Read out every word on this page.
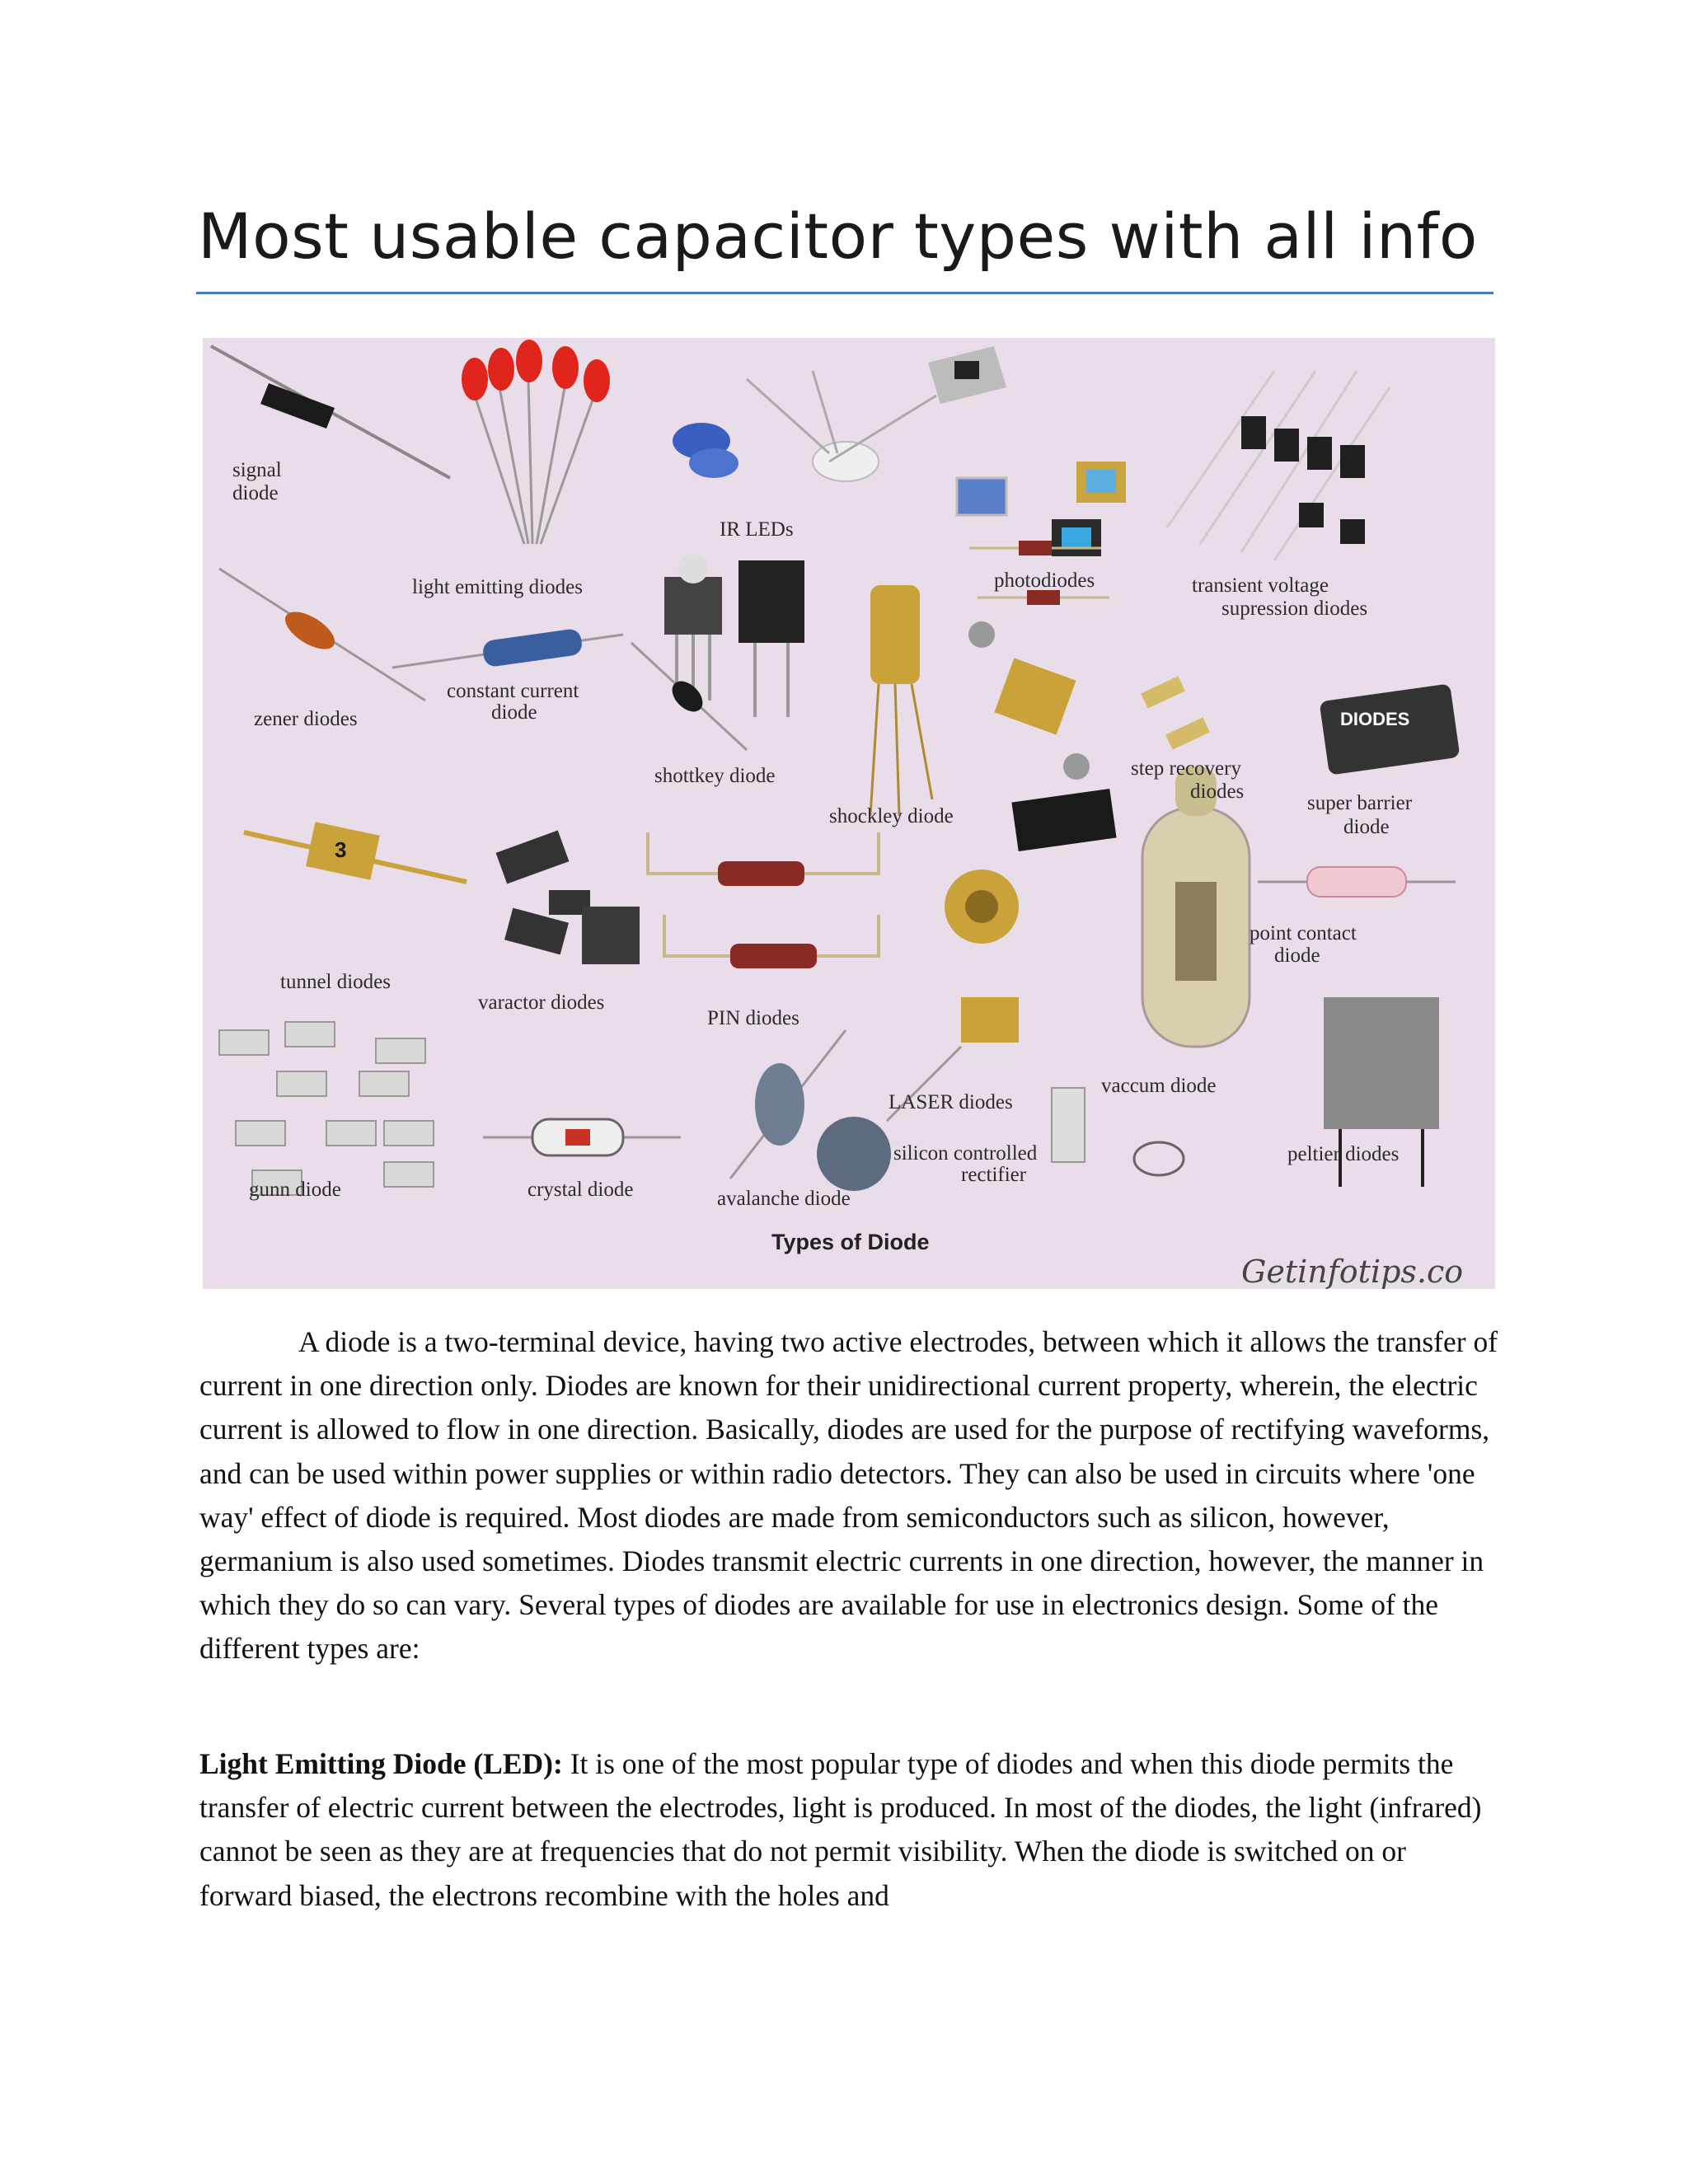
Most usable capacitor types with all info
DIODES
3
signal
diode
light emitting diodes
IR LEDs
photodiodes	transient voltage
supression diodes
zener diodes
constant current
diode
shottkey diode
shockley diode
step recovery
diodes
super barrier
diode
tunnel diodes
varactor diodes
PIN diodes
point contact
diode
LASER diodes
vaccum diode
silicon controlled
rectifier
peltier diodes
gunn diode	crystal diode	avalanche diode
Types of Diode
Getinfotips.co

A diode is a two-terminal device, having two active electrodes, between which it allows the transfer of current in one direction only. Diodes are known for their unidirectional current property, wherein, the electric current is allowed to flow in one direction. Basically, diodes are used for the purpose of rectifying waveforms, and can be used within power supplies or within radio detectors. They can also be used in circuits where 'one way' effect of diode is required. Most diodes are made from semiconductors such as silicon, however, germanium is also used sometimes. Diodes transmit electric currents in one direction, however, the manner in which they do so can vary. Several types of diodes are available for use in electronics design. Some of the different types are:

Light Emitting Diode (LED): It is one of the most popular type of diodes and when this diode permits the transfer of electric current between the electrodes, light is produced. In most of the diodes, the light (infrared) cannot be seen as they are at frequencies that do not permit visibility. When the diode is switched on or forward biased, the electrons recombine with the holes and
